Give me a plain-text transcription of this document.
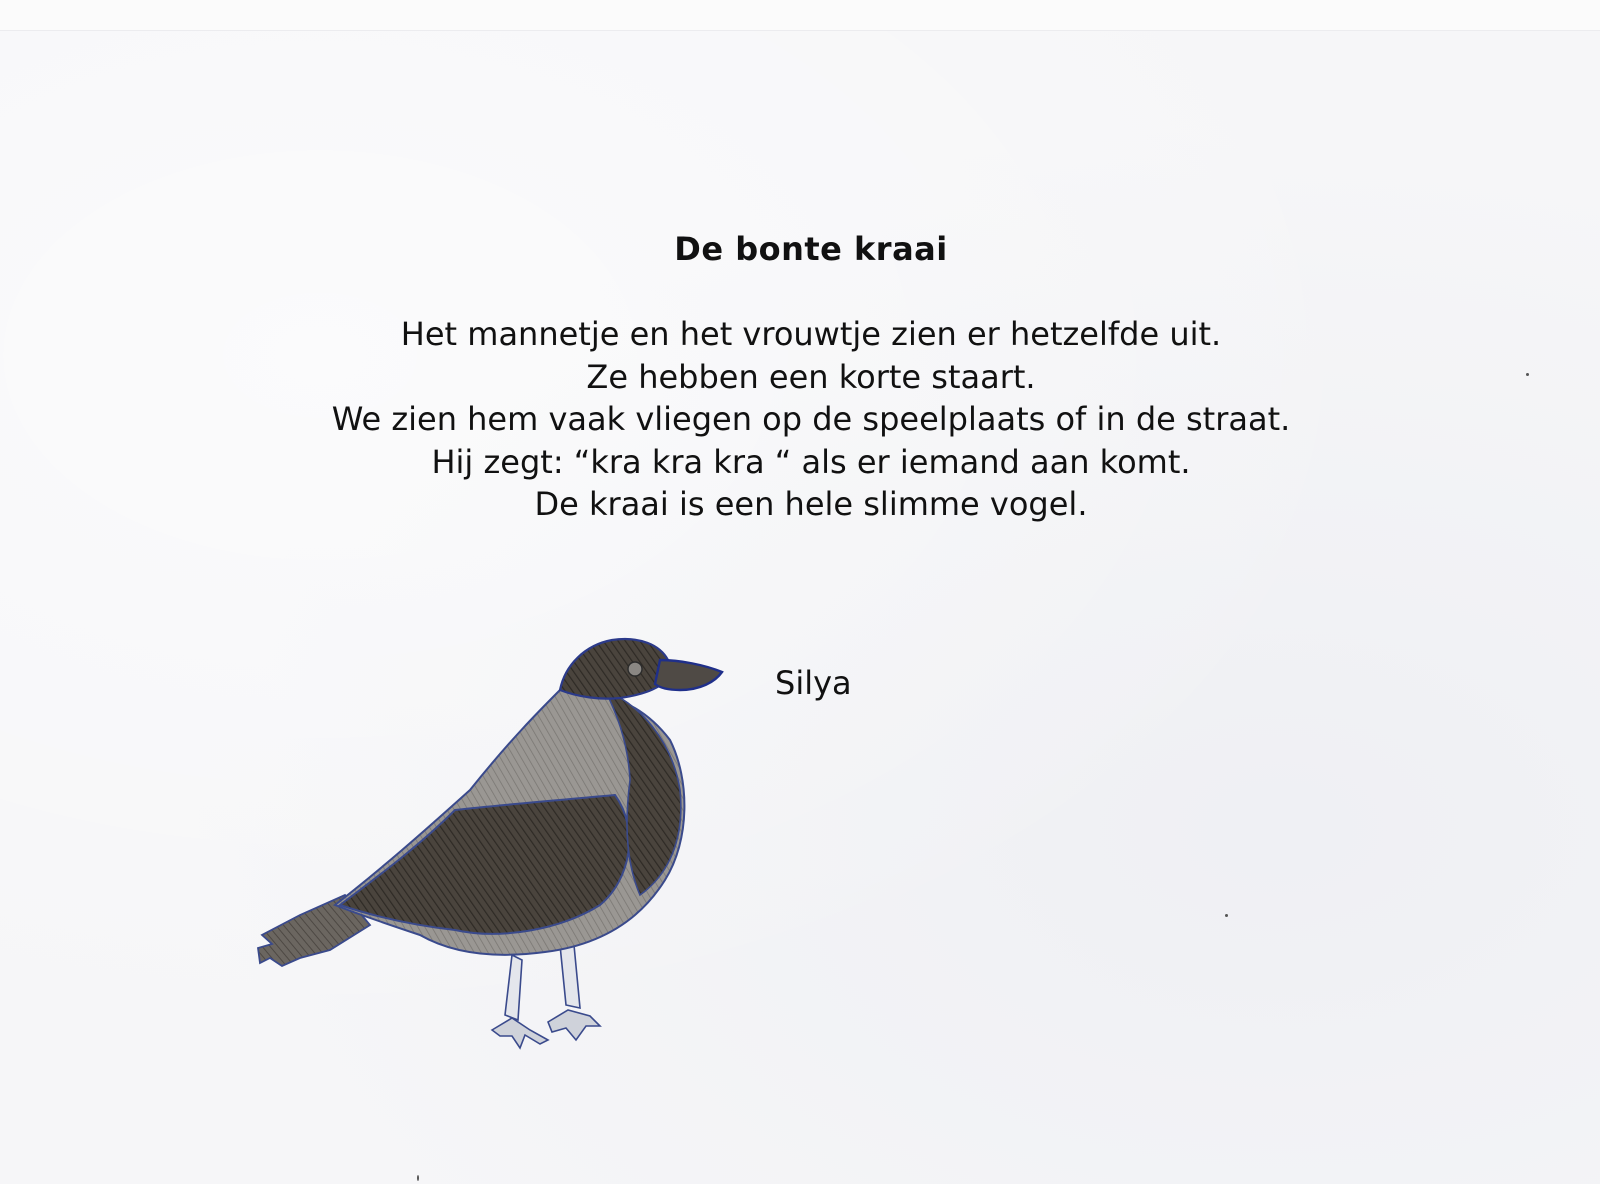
De bonte kraai
Het mannetje en het vrouwtje zien er hetzelfde uit.
Ze hebben een korte staart.
We zien hem vaak vliegen op de speelplaats of in de straat.
Hij zegt: “kra kra kra “ als er iemand aan komt.
De kraai is een hele slimme vogel.
Silya
